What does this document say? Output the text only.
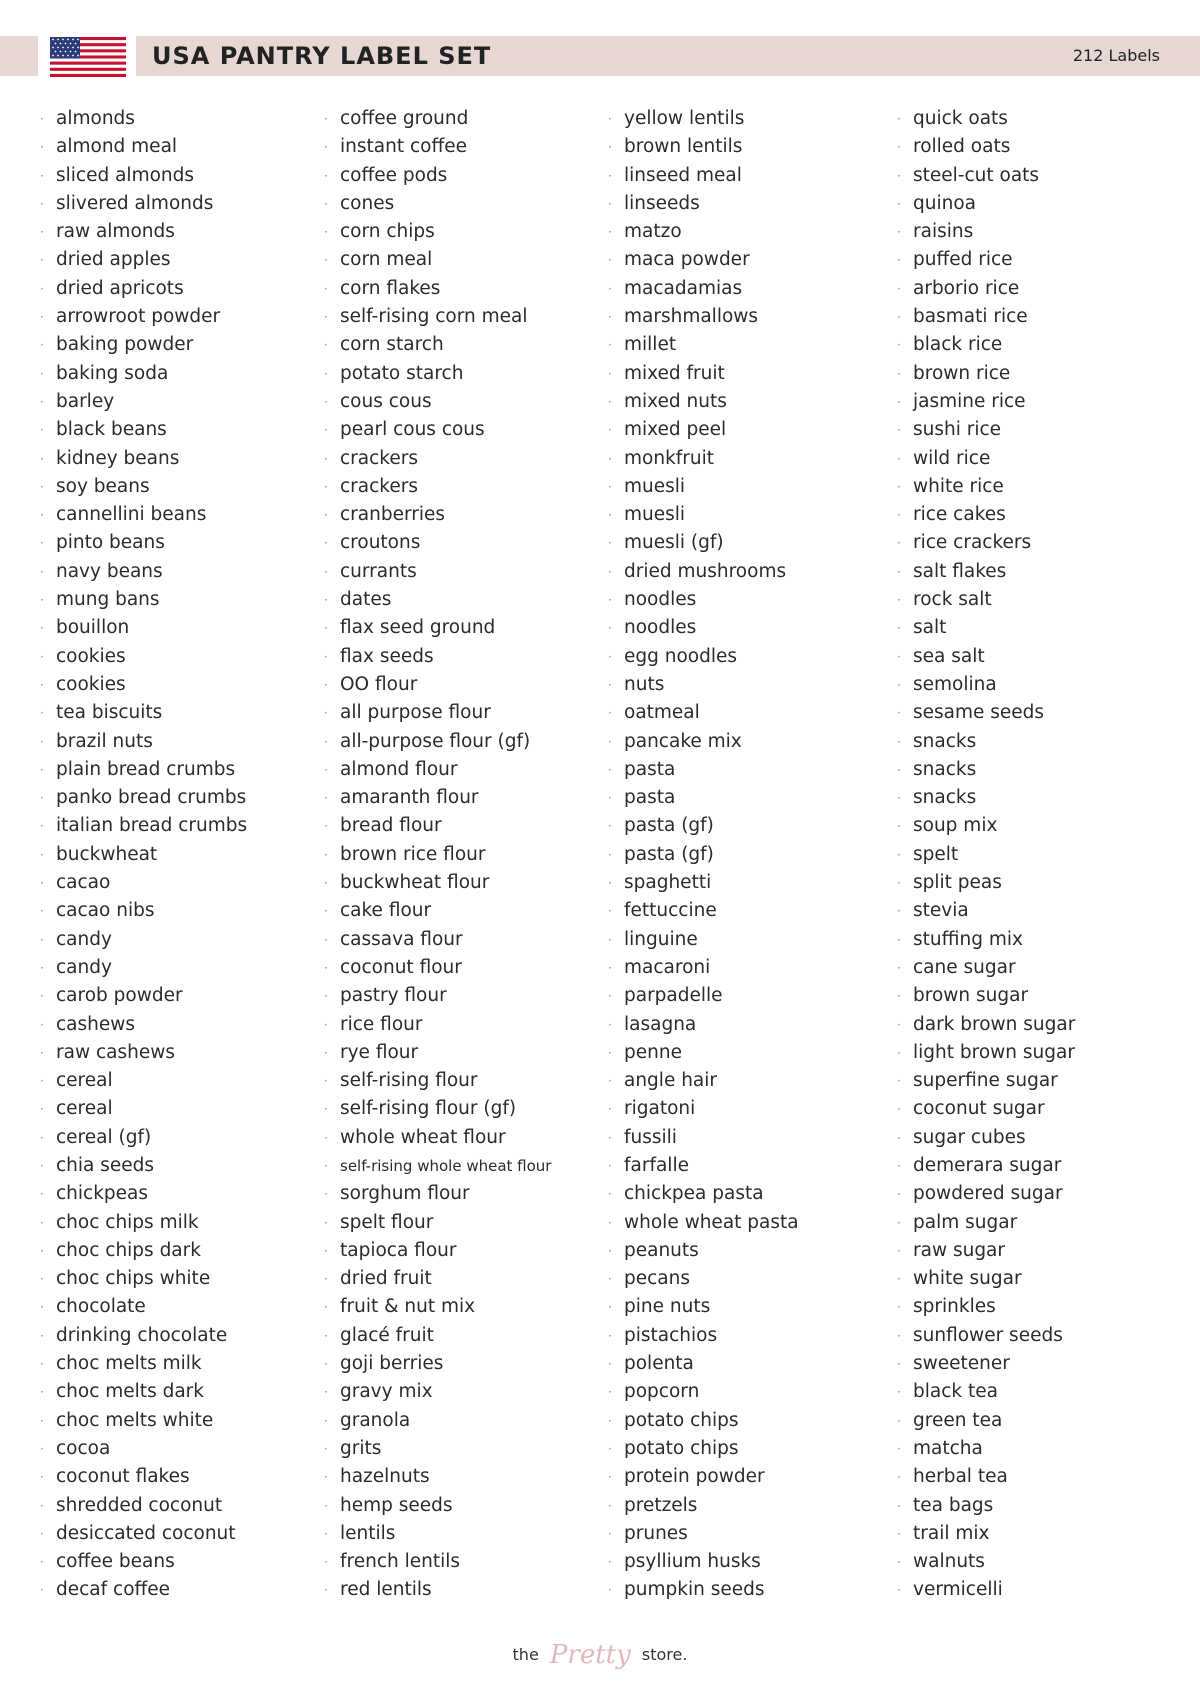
USA PANTRY LABEL SET	212 Labels
· almonds
· almond meal
· sliced almonds
· slivered almonds
· raw almonds
· dried apples
· dried apricots
· arrowroot powder
· baking powder
· baking soda
· barley
· black beans
· kidney beans
· soy beans
· cannellini beans
· pinto beans
· navy beans
· mung bans
· bouillon
· cookies
· cookies
· tea biscuits
· brazil nuts
· plain bread crumbs
· panko bread crumbs
· italian bread crumbs
· buckwheat
· cacao
· cacao nibs
· candy
· candy
· carob powder
· cashews
· raw cashews
· cereal
· cereal
· cereal (gf)
· chia seeds
· chickpeas
· choc chips milk
· choc chips dark
· choc chips white
· chocolate
· drinking chocolate
· choc melts milk
· choc melts dark
· choc melts white
· cocoa
· coconut flakes
· shredded coconut
· desiccated coconut
· coffee beans
· decaf coffee
· coffee ground
· instant coffee
· coffee pods
· cones
· corn chips
· corn meal
· corn flakes
· self-rising corn meal
· corn starch
· potato starch
· cous cous
· pearl cous cous
· crackers
· crackers
· cranberries
· croutons
· currants
· dates
· flax seed ground
· flax seeds
· OO flour
· all purpose flour
· all-purpose flour (gf)
· almond flour
· amaranth flour
· bread flour
· brown rice flour
· buckwheat flour
· cake flour
· cassava flour
· coconut flour
· pastry flour
· rice flour
· rye flour
· self-rising flour
· self-rising flour (gf)
· whole wheat flour
· self-rising whole wheat flour
· sorghum flour
· spelt flour
· tapioca flour
· dried fruit
· fruit & nut mix
· glacé fruit
· goji berries
· gravy mix
· granola
· grits
· hazelnuts
· hemp seeds
· lentils
· french lentils
· red lentils
· yellow lentils
· brown lentils
· linseed meal
· linseeds
· matzo
· maca powder
· macadamias
· marshmallows
· millet
· mixed fruit
· mixed nuts
· mixed peel
· monkfruit
· muesli
· muesli
· muesli (gf)
· dried mushrooms
· noodles
· noodles
· egg noodles
· nuts
· oatmeal
· pancake mix
· pasta
· pasta
· pasta (gf)
· pasta (gf)
· spaghetti
· fettuccine
· linguine
· macaroni
· parpadelle
· lasagna
· penne
· angle hair
· rigatoni
· fussili
· farfalle
· chickpea pasta
· whole wheat pasta
· peanuts
· pecans
· pine nuts
· pistachios
· polenta
· popcorn
· potato chips
· potato chips
· protein powder
· pretzels
· prunes
· psyllium husks
· pumpkin seeds
· quick oats
· rolled oats
· steel-cut oats
· quinoa
· raisins
· puffed rice
· arborio rice
· basmati rice
· black rice
· brown rice
· jasmine rice
· sushi rice
· wild rice
· white rice
· rice cakes
· rice crackers
· salt flakes
· rock salt
· salt
· sea salt
· semolina
· sesame seeds
· snacks
· snacks
· snacks
· soup mix
· spelt
· split peas
· stevia
· stuffing mix
· cane sugar
· brown sugar
· dark brown sugar
· light brown sugar
· superfine sugar
· coconut sugar
· sugar cubes
· demerara sugar
· powdered sugar
· palm sugar
· raw sugar
· white sugar
· sprinkles
· sunflower seeds
· sweetener
· black tea
· green tea
· matcha
· herbal tea
· tea bags
· trail mix
· walnuts
· vermicelli
the Pretty store.
